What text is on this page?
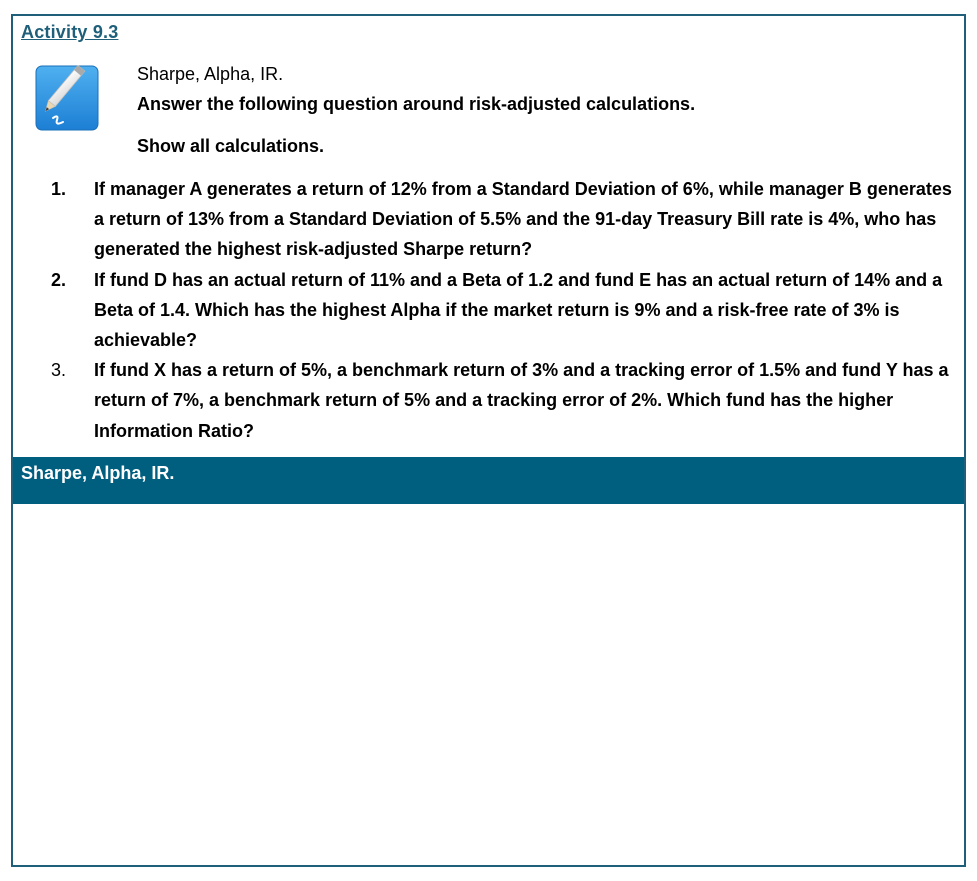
Activity 9.3

Sharpe, Alpha, IR.

Answer the following question around risk-adjusted calculations.

Show all calculations.

1.	If manager A generates a return of 12% from a Standard Deviation of 6%, while manager B generates a return of 13% from a Standard Deviation of 5.5% and the 91-day Treasury Bill rate is 4%, who has generated the highest risk-adjusted Sharpe return?
2.	If fund D has an actual return of 11% and a Beta of 1.2 and fund E has an actual return of 14% and a Beta of 1.4. Which has the highest Alpha if the market return is 9% and a risk-free rate of 3% is achievable?
3.	If fund X has a return of 5%, a benchmark return of 3% and a tracking error of 1.5% and fund Y has a return of 7%, a benchmark return of 5% and a tracking error of 2%. Which fund has the higher Information Ratio?
Sharpe, Alpha, IR.
